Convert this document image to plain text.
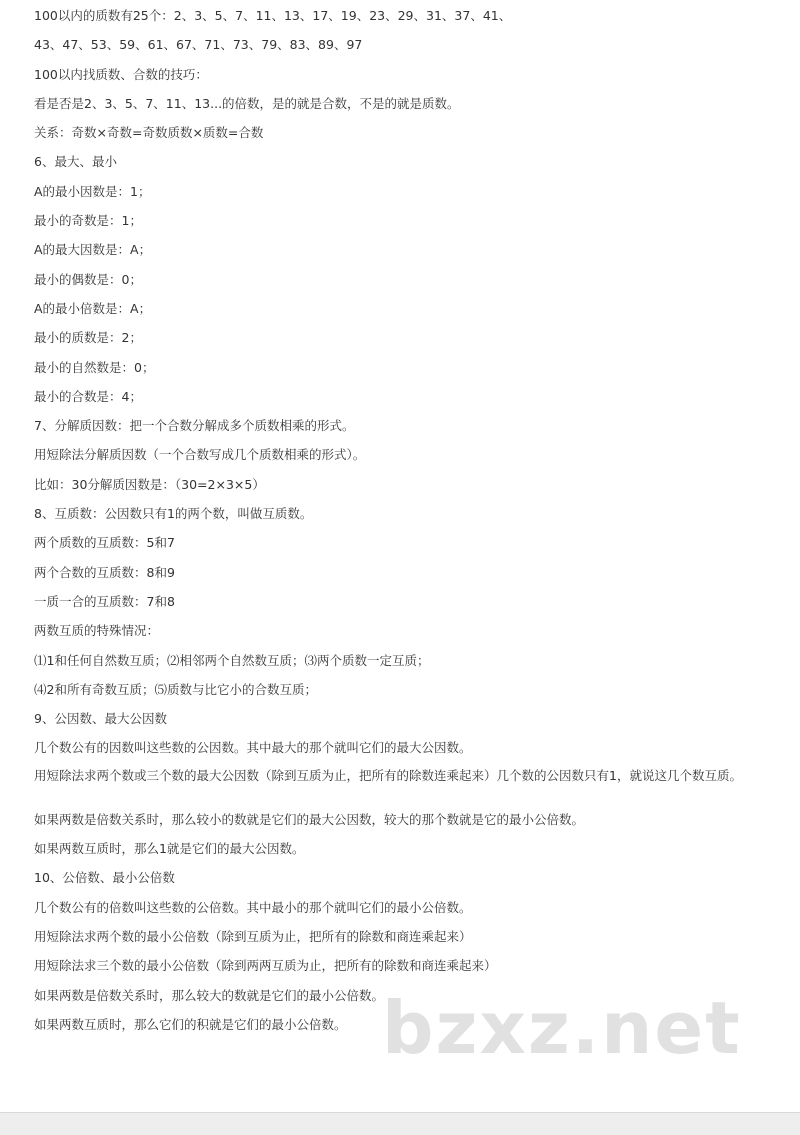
100以内的质数有25个：2、3、5、7、11、13、17、19、23、29、31、37、41、
43、47、53、59、61、67、71、73、79、83、89、97
100以内找质数、合数的技巧：
看是否是2、3、5、7、11、13...的倍数，是的就是合数，不是的就是质数。
关系：奇数×奇数=奇数质数×质数=合数
6、最大、最小
A的最小因数是：1；
最小的奇数是：1；
A的最大因数是：A；
最小的偶数是：0；
A的最小倍数是：A；
最小的质数是：2；
最小的自然数是：0；
最小的合数是：4；
7、分解质因数：把一个合数分解成多个质数相乘的形式。
用短除法分解质因数（一个合数写成几个质数相乘的形式）。
比如：30分解质因数是：（30=2×3×5）
8、互质数：公因数只有1的两个数，叫做互质数。
两个质数的互质数：5和7
两个合数的互质数：8和9
一质一合的互质数：7和8
两数互质的特殊情况：
⑴1和任何自然数互质；⑵相邻两个自然数互质；⑶两个质数一定互质；
⑷2和所有奇数互质；⑸质数与比它小的合数互质；
9、公因数、最大公因数
几个数公有的因数叫这些数的公因数。其中最大的那个就叫它们的最大公因数。
用短除法求两个数或三个数的最大公因数（除到互质为止，把所有的除数连乘起来）几个数的公因数只有1，就说这几个数互质。
如果两数是倍数关系时，那么较小的数就是它们的最大公因数，较大的那个数就是它的最小公倍数。
如果两数互质时，那么1就是它们的最大公因数。
10、公倍数、最小公倍数
几个数公有的倍数叫这些数的公倍数。其中最小的那个就叫它们的最小公倍数。
用短除法求两个数的最小公倍数（除到互质为止，把所有的除数和商连乘起来）
用短除法求三个数的最小公倍数（除到两两互质为止，把所有的除数和商连乘起来）
如果两数是倍数关系时，那么较大的数就是它们的最小公倍数。
如果两数互质时，那么它们的积就是它们的最小公倍数。 bzxz.net
